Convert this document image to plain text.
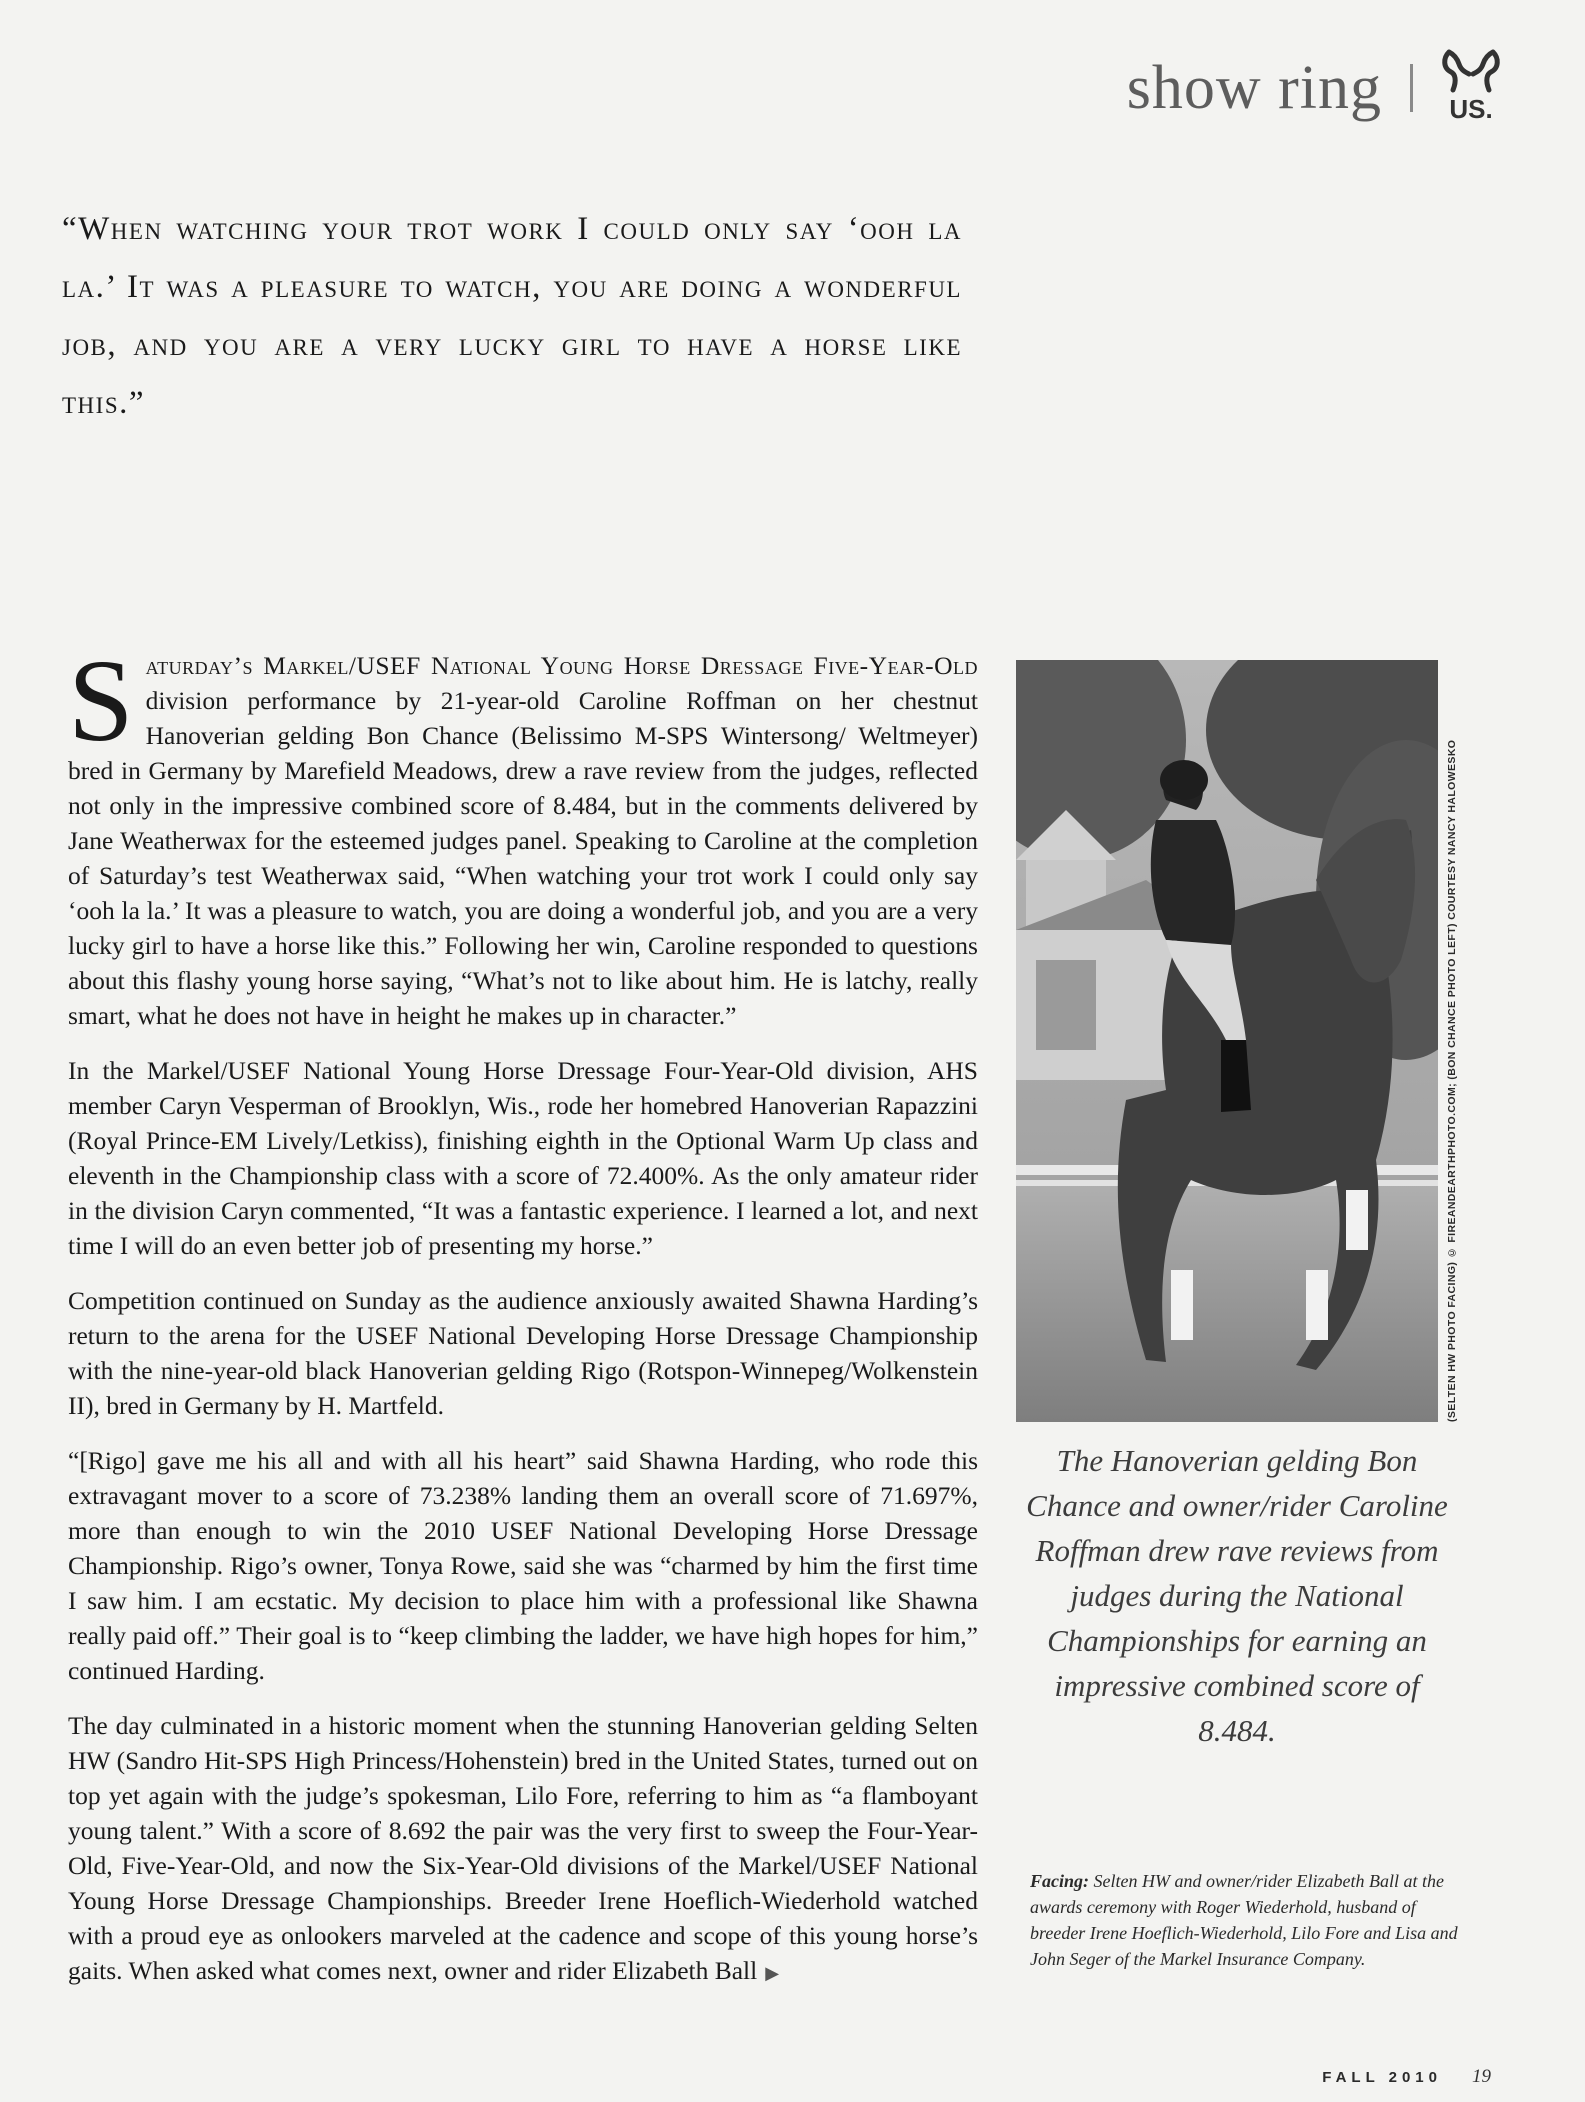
show ring	US.

“When watching your trot work I could only say ‘ooh la la.’ It was a pleasure to watch, you are doing a wonderful job, and you are a very lucky girl to have a horse like this.”

Saturday’s Markel/USEF National Young Horse Dressage Five-Year-Old division performance by 21-year-old Caroline Roffman on her chestnut Hanoverian gelding Bon Chance (Belissimo M-SPS Wintersong/ Weltmeyer) bred in Germany by Marefield Meadows, drew a rave review from the judges, reflected not only in the impressive combined score of 8.484, but in the comments delivered by Jane Weatherwax for the esteemed judges panel. Speaking to Caroline at the completion of Saturday’s test Weatherwax said, “When watching your trot work I could only say ‘ooh la la.’ It was a pleasure to watch, you are doing a wonderful job, and you are a very lucky girl to have a horse like this.” Following her win, Caroline responded to questions about this flashy young horse saying, “What’s not to like about him. He is latchy, really smart, what he does not have in height he makes up in character.”

In the Markel/USEF National Young Horse Dressage Four-Year-Old division, AHS member Caryn Vesperman of Brooklyn, Wis., rode her homebred Hanoverian Rapazzini (Royal Prince-EM Lively/Letkiss), finishing eighth in the Optional Warm Up class and eleventh in the Championship class with a score of 72.400%. As the only amateur rider in the division Caryn commented, “It was a fantastic experience. I learned a lot, and next time I will do an even better job of presenting my horse.”

Competition continued on Sunday as the audience anxiously awaited Shawna Harding’s return to the arena for the USEF National Developing Horse Dressage Championship with the nine-year-old black Hanoverian gelding Rigo (Rotspon-Winnepeg/Wolkenstein II), bred in Germany by H. Martfeld.

“[Rigo] gave me his all and with all his heart” said Shawna Harding, who rode this extravagant mover to a score of 73.238% landing them an overall score of 71.697%, more than enough to win the 2010 USEF National Developing Horse Dressage Championship. Rigo’s owner, Tonya Rowe, said she was “charmed by him the first time I saw him. I am ecstatic. My decision to place him with a professional like Shawna really paid off.” Their goal is to “keep climbing the ladder, we have high hopes for him,” continued Harding.

The day culminated in a historic moment when the stunning Hanoverian gelding Selten HW (Sandro Hit-SPS High Princess/Hohenstein) bred in the United States, turned out on top yet again with the judge’s spokesman, Lilo Fore, referring to him as “a flamboyant young talent.” With a score of 8.692 the pair was the very first to sweep the Four-Year-Old, Five-Year-Old, and now the Six-Year-Old divisions of the Markel/USEF National Young Horse Dressage Championships. Breeder Irene Hoeflich-Wiederhold watched with a proud eye as onlookers marveled at the cadence and scope of this young horse’s gaits. When asked what comes next, owner and rider Elizabeth Ball ▶

(SELTEN HW PHOTO FACING) © FIREANDEARTHPHOTO.COM; (BON CHANCE PHOTO LEFT) COURTESY NANCY HALOWESKO

The Hanoverian gelding Bon Chance and owner/rider Caroline Roffman drew rave reviews from judges during the National Championships for earning an impressive combined score of 8.484.

Facing: Selten HW and owner/rider Elizabeth Ball at the awards ceremony with Roger Wiederhold, husband of breeder Irene Hoeflich-Wiederhold, Lilo Fore and Lisa and John Seger of the Markel Insurance Company.
FALL 2010 19
